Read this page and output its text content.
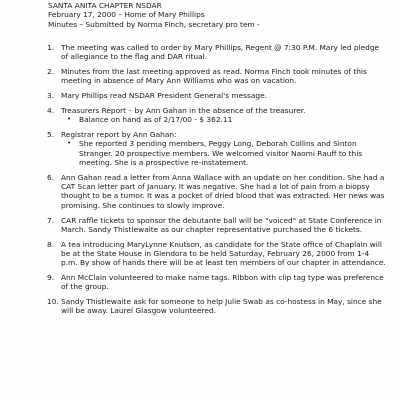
SANTA ANITA CHAPTER NSDAR
February 17, 2000 – Home of Mary Phillips
Minutes – Submitted by Norma Finch, secretary pro tem -
1. The meeting was called to order by Mary Phillips, Regent @ 7:30 P.M. Mary led pledge of allegiance to the flag and DAR ritual.
2. Minutes from the last meeting approved as read. Norma Finch took minutes of this meeting in absence of Mary Ann Williams who was on vacation.
3. Mary Phillips read NSDAR President General's message.
4. Treasurers Report – by Ann Gahan in the absence of the treasurer.
• Balance on hand as of 2/17/00 - $ 362.11
5. Registrar report by Ann Gahan:
• She reported 3 pending members, Peggy Long, Deborah Collins and Sinton Stranger. 20 prospective members. We welcomed visitor Naomi Rauff to this meeting. She is a prospective re-instatement.
6. Ann Gahan read a letter from Anna Wallace with an update on her condition. She had a CAT Scan letter part of January. It was negative. She had a lot of pain from a biopsy thought to be a tumor. It was a pocket of dried blood that was extracted. Her news was promising. She continues to slowly improve.
7. CAR raffle tickets to sponsor the debutante ball will be "voiced" at State Conference in March. Sandy Thistlewaite as our chapter representative purchased the 6 tickets.
8. A tea introducing MaryLynne Knutson, as candidate for the State office of Chaplain will be at the State House in Glendora to be held Saturday, February 26, 2000 from 1-4 p.m. By show of hands there will be at least ten members of our chapter in attendance.
9. Ann McClain volunteered to make name tags. Ribbon with clip tag type was preference of the group.
10. Sandy Thistlewaite ask for someone to help Julie Swab as co-hostess in May, since she will be away. Laurel Glasgow volunteered.
